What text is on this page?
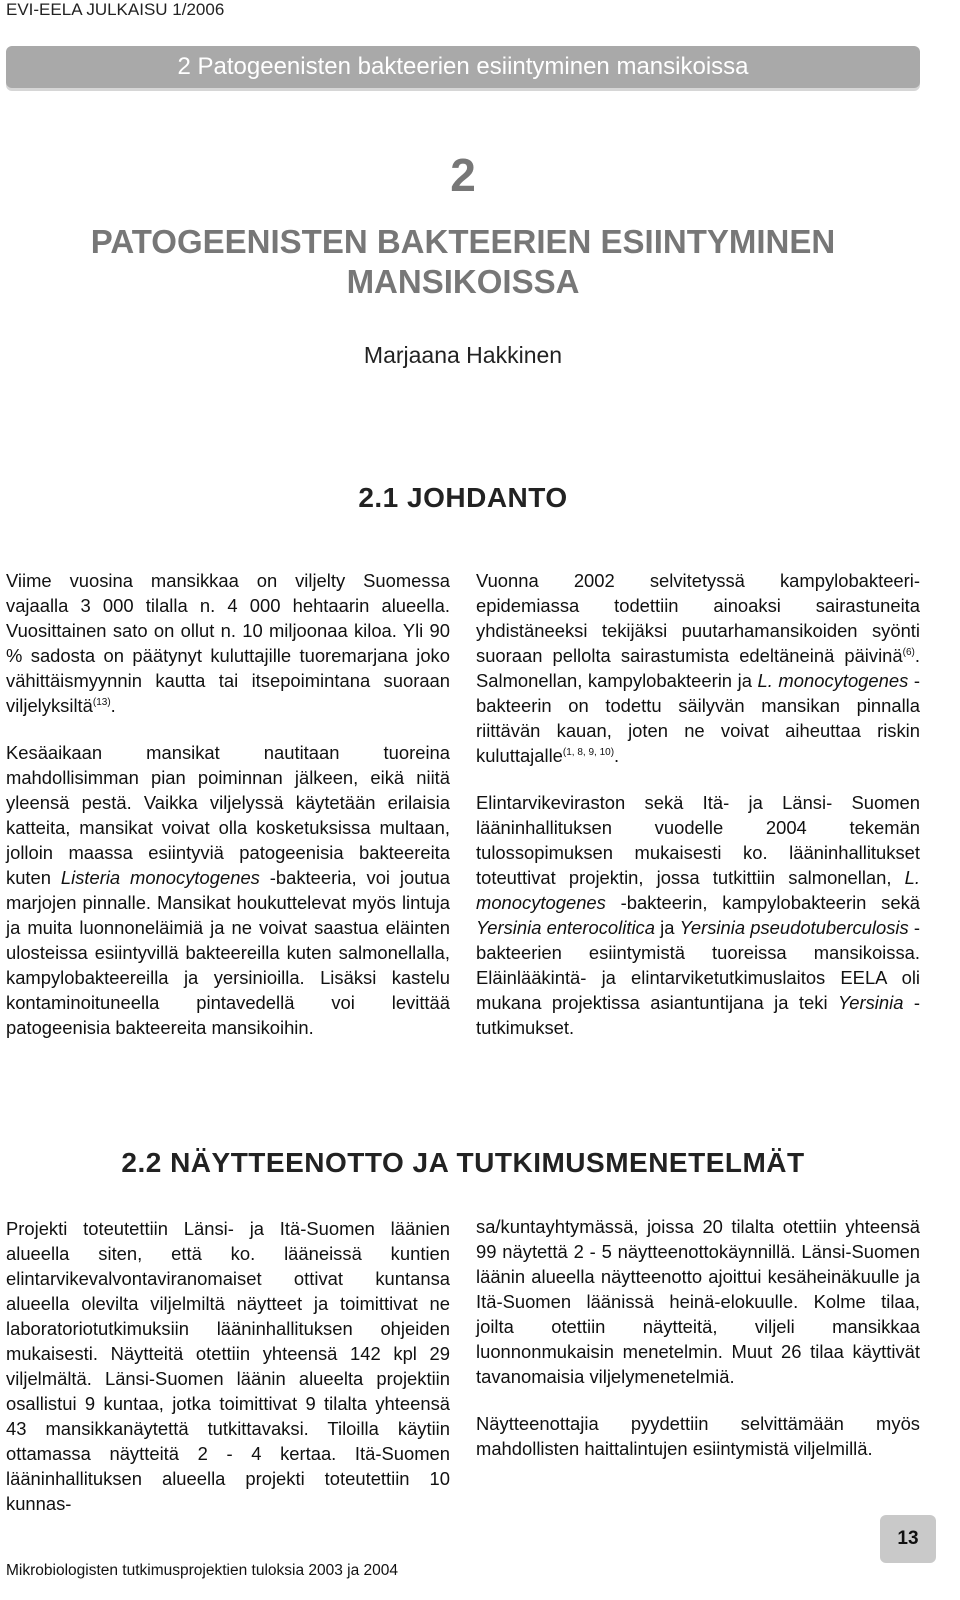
EVI-EELA JULKAISU 1/2006
2 Patogeenisten bakteerien esiintyminen mansikoissa
2
PATOGEENISTEN BAKTEERIEN ESIINTYMINEN MANSIKOISSA
Marjaana Hakkinen
2.1 JOHDANTO

Viime vuosina mansikkaa on viljelty Suomessa vajaalla 3 000 tilalla n. 4 000 hehtaarin alueella. Vuosittainen sato on ollut n. 10 miljoonaa kiloa. Yli 90 % sadosta on päätynyt kuluttajille tuoremarjana joko vähittäismyynnin kautta tai itsepoimintana suoraan viljelyksiltä$^{(13)}$.

Kesäaikaan mansikat nautitaan tuoreina mahdollisimman pian poiminnan jälkeen, eikä niitä yleensä pestä. Vaikka viljelyssä käytetään erilaisia katteita, mansikat voivat olla kosketuksissa multaan, jolloin maassa esiintyviä patogeenisia bakteereita kuten Listeria monocytogenes -bakteeria, voi joutua marjojen pinnalle. Mansikat houkuttelevat myös lintuja ja muita luonnoneläimiä ja ne voivat saastua eläinten ulosteissa esiintyvillä bakteereilla kuten salmonellalla, kampylobakteereilla ja yersinioilla. Lisäksi kastelu kontaminoituneella pintavedellä voi levittää patogeenisia bakteereita mansikoihin.

Vuonna 2002 selvitetyssä kampylobakteeri-epidemiassa todettiin ainoaksi sairastuneita yhdistäneeksi tekijäksi puutarhamansikoiden syönti suoraan pellolta sairastumista edeltäneinä päivinä$^{(6)}$. Salmonellan, kampylobakteerin ja L. monocytogenes -bakteerin on todettu säilyvän mansikan pinnalla riittävän kauan, joten ne voivat aiheuttaa riskin kuluttajalle$^{(1, 8, 9, 10)}$.

Elintarvikeviraston sekä Itä- ja Länsi- Suomen lääninhallituksen vuodelle 2004 tekemän tulossopimuksen mukaisesti ko. lääninhallitukset toteuttivat projektin, jossa tutkittiin salmonellan, L. monocytogenes -bakteerin, kampylobakteerin sekä Yersinia enterocolitica ja Yersinia pseudotuberculosis -bakteerien esiintymistä tuoreissa mansikoissa. Eläinlääkintä- ja elintarviketutkimuslaitos EELA oli mukana projektissa asiantuntijana ja teki Yersinia -tutkimukset.

2.2 NÄYTTEENOTTO JA TUTKIMUSMENETELMÄT

Projekti toteutettiin Länsi- ja Itä-Suomen läänien alueella siten, että ko. lääneissä kuntien elintarvikevalvontaviranomaiset ottivat kuntansa alueella olevilta viljelmiltä näytteet ja toimittivat ne laboratoriotutkimuksiin lääninhallituksen ohjeiden mukaisesti. Näytteitä otettiin yhteensä 142 kpl 29 viljelmältä. Länsi-Suomen läänin alueelta projektiin osallistui 9 kuntaa, jotka toimittivat 9 tilalta yhteensä 43 mansikkanäytettä tutkittavaksi. Tiloilla käytiin ottamassa näytteitä 2 - 4 kertaa. Itä-Suomen lääninhallituksen alueella projekti toteutettiin 10 kunnas-

sa/kuntayhtymässä, joissa 20 tilalta otettiin yhteensä 99 näytettä 2 - 5 näytteenottokäynnillä. Länsi-Suomen läänin alueella näytteenotto ajoittui kesäheinäkuulle ja Itä-Suomen läänissä heinä-elokuulle. Kolme tilaa, joilta otettiin näytteitä, viljeli mansikkaa luonnonmukaisin menetelmin. Muut 26 tilaa käyttivät tavanomaisia viljelymenetelmiä.

Näytteenottajia pyydettiin selvittämään myös mahdollisten haittalintujen esiintymistä viljelmillä.

Mikrobiologisten tutkimusprojektien tuloksia 2003 ja 2004
13
